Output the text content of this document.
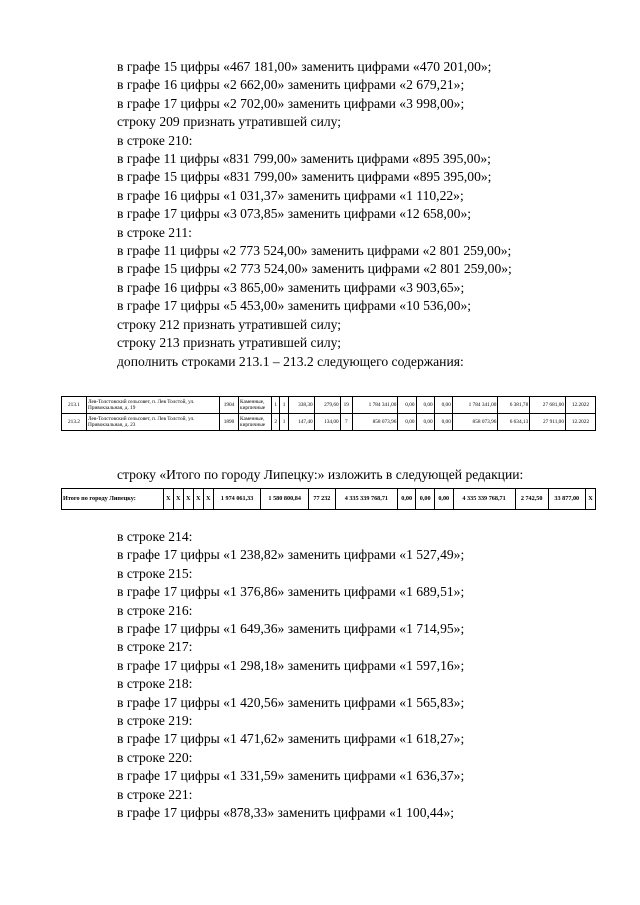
в графе 15 цифры «467 181,00» заменить цифрами «470 201,00»;

в графе 16 цифры «2 662,00» заменить цифрами «2 679,21»;

в графе 17 цифры «2 702,00» заменить цифрами «3 998,00»;

строку 209 признать утратившей силу;

в строке 210:

в графе 11 цифры «831 799,00» заменить цифрами «895 395,00»;

в графе 15 цифры «831 799,00» заменить цифрами «895 395,00»;

в графе 16 цифры «1 031,37» заменить цифрами «1 110,22»;

в графе 17 цифры «3 073,85» заменить цифрами «12 658,00»;

в строке 211:

в графе 11 цифры «2 773 524,00» заменить цифрами «2 801 259,00»;

в графе 15 цифры «2 773 524,00» заменить цифрами «2 801 259,00»;

в графе 16 цифры «3 865,00» заменить цифрами «3 903,65»;

в графе 17 цифры «5 453,00» заменить цифрами «10 536,00»;

строку 212 признать утратившей силу;

строку 213 признать утратившей силу;

дополнить строками 213.1 – 213.2 следующего содержания:

213.1	Лев-Толстовский сельсовет, п. Лев Толстой, ул. Привокзальная, д. 19	1904	Каменные, кирпичные	1	1	338,30	279,60	19	1 784 341,00	0,00	0,00	0,00	1 784 341,00	6 381,78	27 681,00	12.2022
213.2	Лев-Толстовский сельсовет, п. Лев Толстой, ул. Привокзальная, д. 23	1890	Каменные, кирпичные	2	1	147,40	134,00	7	858 073,96	0,00	0,00	0,00	858 073,96	6 634,13	27 911,00	12.2022

строку «Итого по городу Липецку:» изложить в следующей редакции:

Итого по городу Липецку:	X	X	X	X	X	1 974 061,33	1 580 800,84	77 232	4 335 339 768,71	0,00	0,00	0,00	4 335 339 768,71	2 742,50	33 877,00	X

в строке 214:

в графе 17 цифры «1 238,82» заменить цифрами «1 527,49»;

в строке 215:

в графе 17 цифры «1 376,86» заменить цифрами «1 689,51»;

в строке 216:

в графе 17 цифры «1 649,36» заменить цифрами «1 714,95»;

в строке 217:

в графе 17 цифры «1 298,18» заменить цифрами «1 597,16»;

в строке 218:

в графе 17 цифры «1 420,56» заменить цифрами «1 565,83»;

в строке 219:

в графе 17 цифры «1 471,62» заменить цифрами «1 618,27»;

в строке 220:

в графе 17 цифры «1 331,59» заменить цифрами «1 636,37»;

в строке 221:

в графе 17 цифры «878,33» заменить цифрами «1 100,44»;
